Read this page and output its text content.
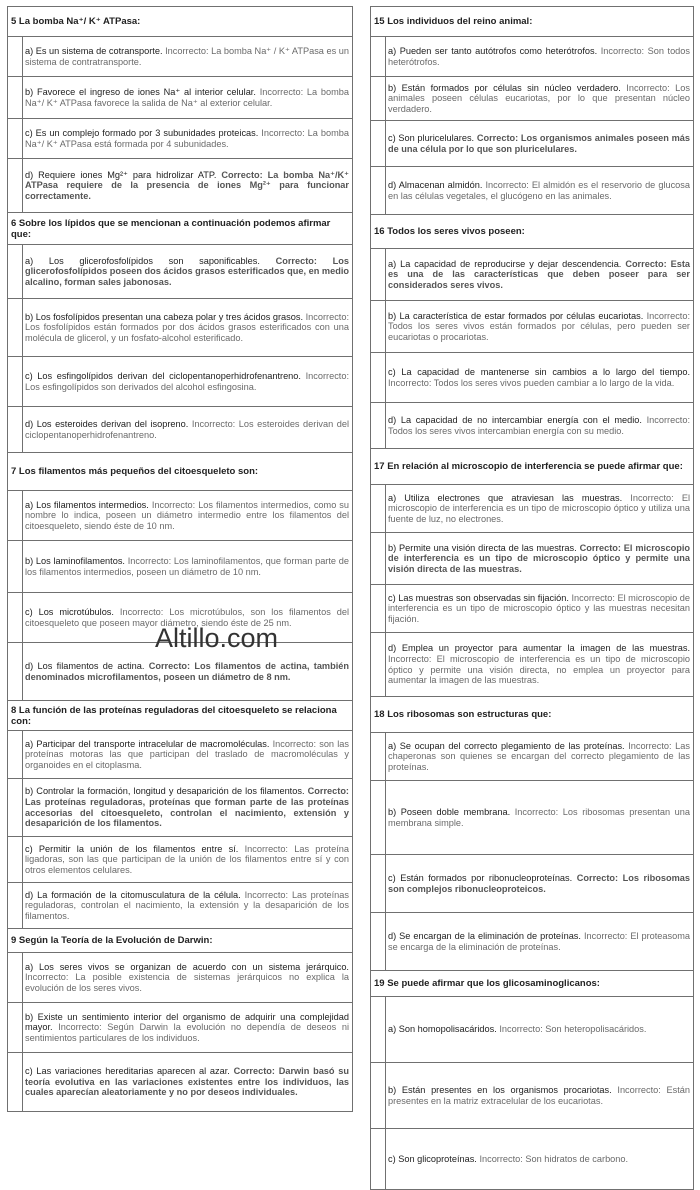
5 La bomba Na⁺/ K⁺ ATPasa:
a) Es un sistema de cotransporte. Incorrecto: La bomba Na⁺ / K⁺ ATPasa es un sistema de contratransporte.
b) Favorece el ingreso de iones Na⁺ al interior celular. Incorrecto: La bomba Na⁺/ K⁺ ATPasa favorece la salida de Na⁺ al exterior celular.
c) Es un complejo formado por 3 subunidades proteicas. Incorrecto: La bomba Na⁺/ K⁺ ATPasa está formada por 4 subunidades.
d) Requiere iones Mg²⁺ para hidrolizar ATP. Correcto: La bomba Na⁺/K⁺ ATPasa requiere de la presencia de iones Mg²⁺ para funcionar correctamente.
6 Sobre los lípidos que se mencionan a continuación podemos afirmar que:
a) Los glicerofosfolípidos son saponificables. Correcto: Los glicerofosfolípidos poseen dos ácidos grasos esterificados que, en medio alcalino, forman sales jabonosas.
b) Los fosfolípidos presentan una cabeza polar y tres ácidos grasos. Incorrecto: Los fosfolípidos están formados por dos ácidos grasos esterificados con una molécula de glicerol, y un fosfato-alcohol esterificado.
c) Los esfingolípidos derivan del ciclopentanoperhidrofenantreno. Incorrecto: Los esfingolípidos son derivados del alcohol esfingosina.
d) Los esteroides derivan del isopreno. Incorrecto: Los esteroides derivan del ciclopentanoperhidrofenantreno.
7 Los filamentos más pequeños del citoesqueleto son:
a) Los filamentos intermedios. Incorrecto: Los filamentos intermedios, como su nombre lo indica, poseen un diámetro intermedio entre los filamentos del citoesqueleto, siendo éste de 10 nm.
b) Los laminofilamentos. Incorrecto: Los laminofilamentos, que forman parte de los filamentos intermedios, poseen un diámetro de 10 nm.
c) Los microtúbulos. Incorrecto: Los microtúbulos, son los filamentos del citoesqueleto que poseen mayor diámetro, siendo éste de 25 nm.
d) Los filamentos de actina. Correcto: Los filamentos de actina, también denominados microfilamentos, poseen un diámetro de 8 nm.
8 La función de las proteínas reguladoras del citoesqueleto se relaciona con:
a) Participar del transporte intracelular de macromoléculas. Incorrecto: son las proteínas motoras las que participan del traslado de macromoléculas y organoides en el citoplasma.
b) Controlar la formación, longitud y desaparición de los filamentos. Correcto: Las proteínas reguladoras, proteínas que forman parte de las proteínas accesorias del citoesqueleto, controlan el nacimiento, extensión y desaparición de los filamentos.
c) Permitir la unión de los filamentos entre sí. Incorrecto: Las proteína ligadoras, son las que participan de la unión de los filamentos entre sí y con otros elementos celulares.
d) La formación de la citomusculatura de la célula. Incorrecto: Las proteínas reguladoras, controlan el nacimiento, la extensión y la desaparición de los filamentos.
9 Según la Teoría de la Evolución de Darwin:
a) Los seres vivos se organizan de acuerdo con un sistema jerárquico. Incorrecto: La posible existencia de sistemas jerárquicos no explica la evolución de los seres vivos.
b) Existe un sentimiento interior del organismo de adquirir una complejidad mayor. Incorrecto: Según Darwin la evolución no dependía de deseos ni sentimientos particulares de los individuos.
c) Las variaciones hereditarias aparecen al azar. Correcto: Darwin basó su teoría evolutiva en las variaciones existentes entre los individuos, las cuales aparecían aleatoriamente y no por deseos individuales.
15 Los individuos del reino animal:
a) Pueden ser tanto autótrofos como heterótrofos. Incorrecto: Son todos heterótrofos.
b) Están formados por células sin núcleo verdadero. Incorrecto: Los animales poseen células eucariotas, por lo que presentan núcleo verdadero.
c) Son pluricelulares. Correcto: Los organismos animales poseen más de una célula por lo que son pluricelulares.
d) Almacenan almidón. Incorrecto: El almidón es el reservorio de glucosa en las células vegetales, el glucógeno en las animales.
16 Todos los seres vivos poseen:
a) La capacidad de reproducirse y dejar descendencia. Correcto: Esta es una de las características que deben poseer para ser considerados seres vivos.
b) La característica de estar formados por células eucariotas. Incorrecto: Todos los seres vivos están formados por células, pero pueden ser eucariotas o procariotas.
c) La capacidad de mantenerse sin cambios a lo largo del tiempo. Incorrecto: Todos los seres vivos pueden cambiar a lo largo de la vida.
d) La capacidad de no intercambiar energía con el medio. Incorrecto: Todos los seres vivos intercambian energía con su medio.
17 En relación al microscopio de interferencia se puede afirmar que:
a) Utiliza electrones que atraviesan las muestras. Incorrecto: El microscopio de interferencia es un tipo de microscopio óptico y utiliza una fuente de luz, no electrones.
b) Permite una visión directa de las muestras. Correcto: El microscopio de interferencia es un tipo de microscopio óptico y permite una visión directa de las muestras.
c) Las muestras son observadas sin fijación. Incorrecto: El microscopio de interferencia es un tipo de microscopio óptico y las muestras necesitan fijación.
d) Emplea un proyector para aumentar la imagen de las muestras. Incorrecto: El microscopio de interferencia es un tipo de microscopio óptico y permite una visión directa, no emplea un proyector para aumentar la imagen de las muestras.
18 Los ribosomas son estructuras que:
a) Se ocupan del correcto plegamiento de las proteínas. Incorrecto: Las chaperonas son quienes se encargan del correcto plegamiento de las proteínas.
b) Poseen doble membrana. Incorrecto: Los ribosomas presentan una membrana simple.
c) Están formados por ribonucleoproteínas. Correcto: Los ribosomas son complejos ribonucleoproteicos.
d) Se encargan de la eliminación de proteínas. Incorrecto: El proteasoma se encarga de la eliminación de proteínas.
19 Se puede afirmar que los glicosaminoglicanos:
a) Son homopolisacáridos. Incorrecto: Son heteropolisacáridos.
b) Están presentes en los organismos procariotas. Incorrecto: Están presentes en la matriz extracelular de los eucariotas.
c) Son glicoproteínas. Incorrecto: Son hidratos de carbono.
Altillo.com
